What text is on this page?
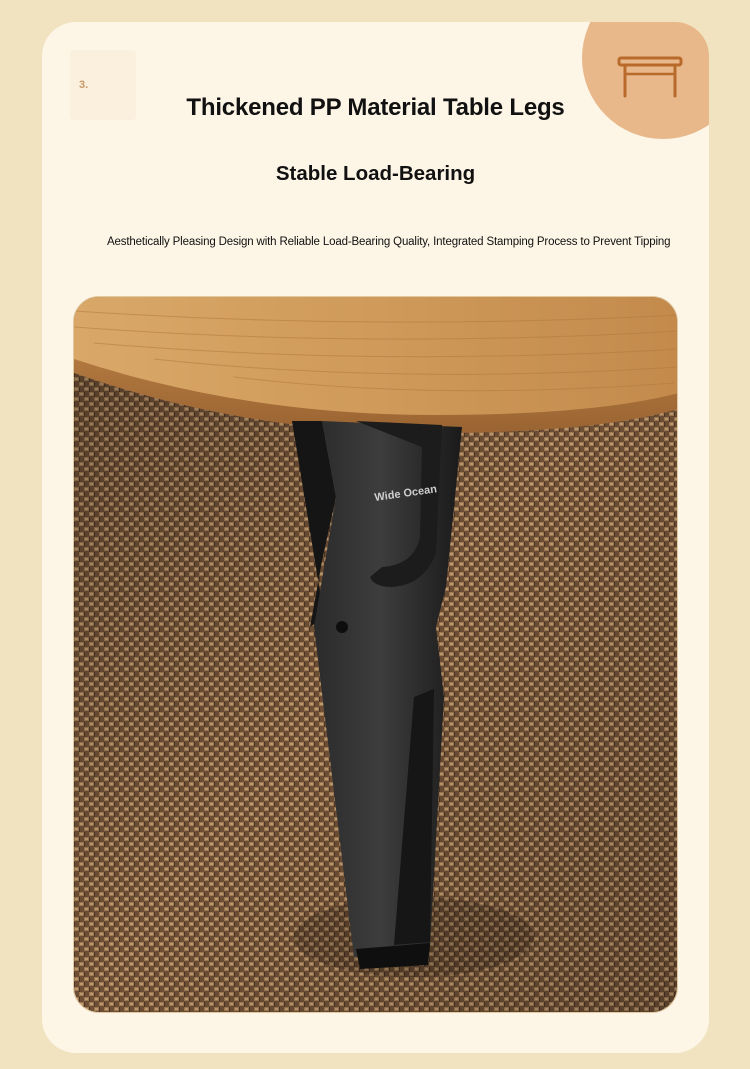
3.
Thickened PP Material Table Legs
Stable Load-Bearing
Aesthetically Pleasing Design with Reliable Load-Bearing Quality, Integrated Stamping Process to Prevent Tipping
Wide Ocean
